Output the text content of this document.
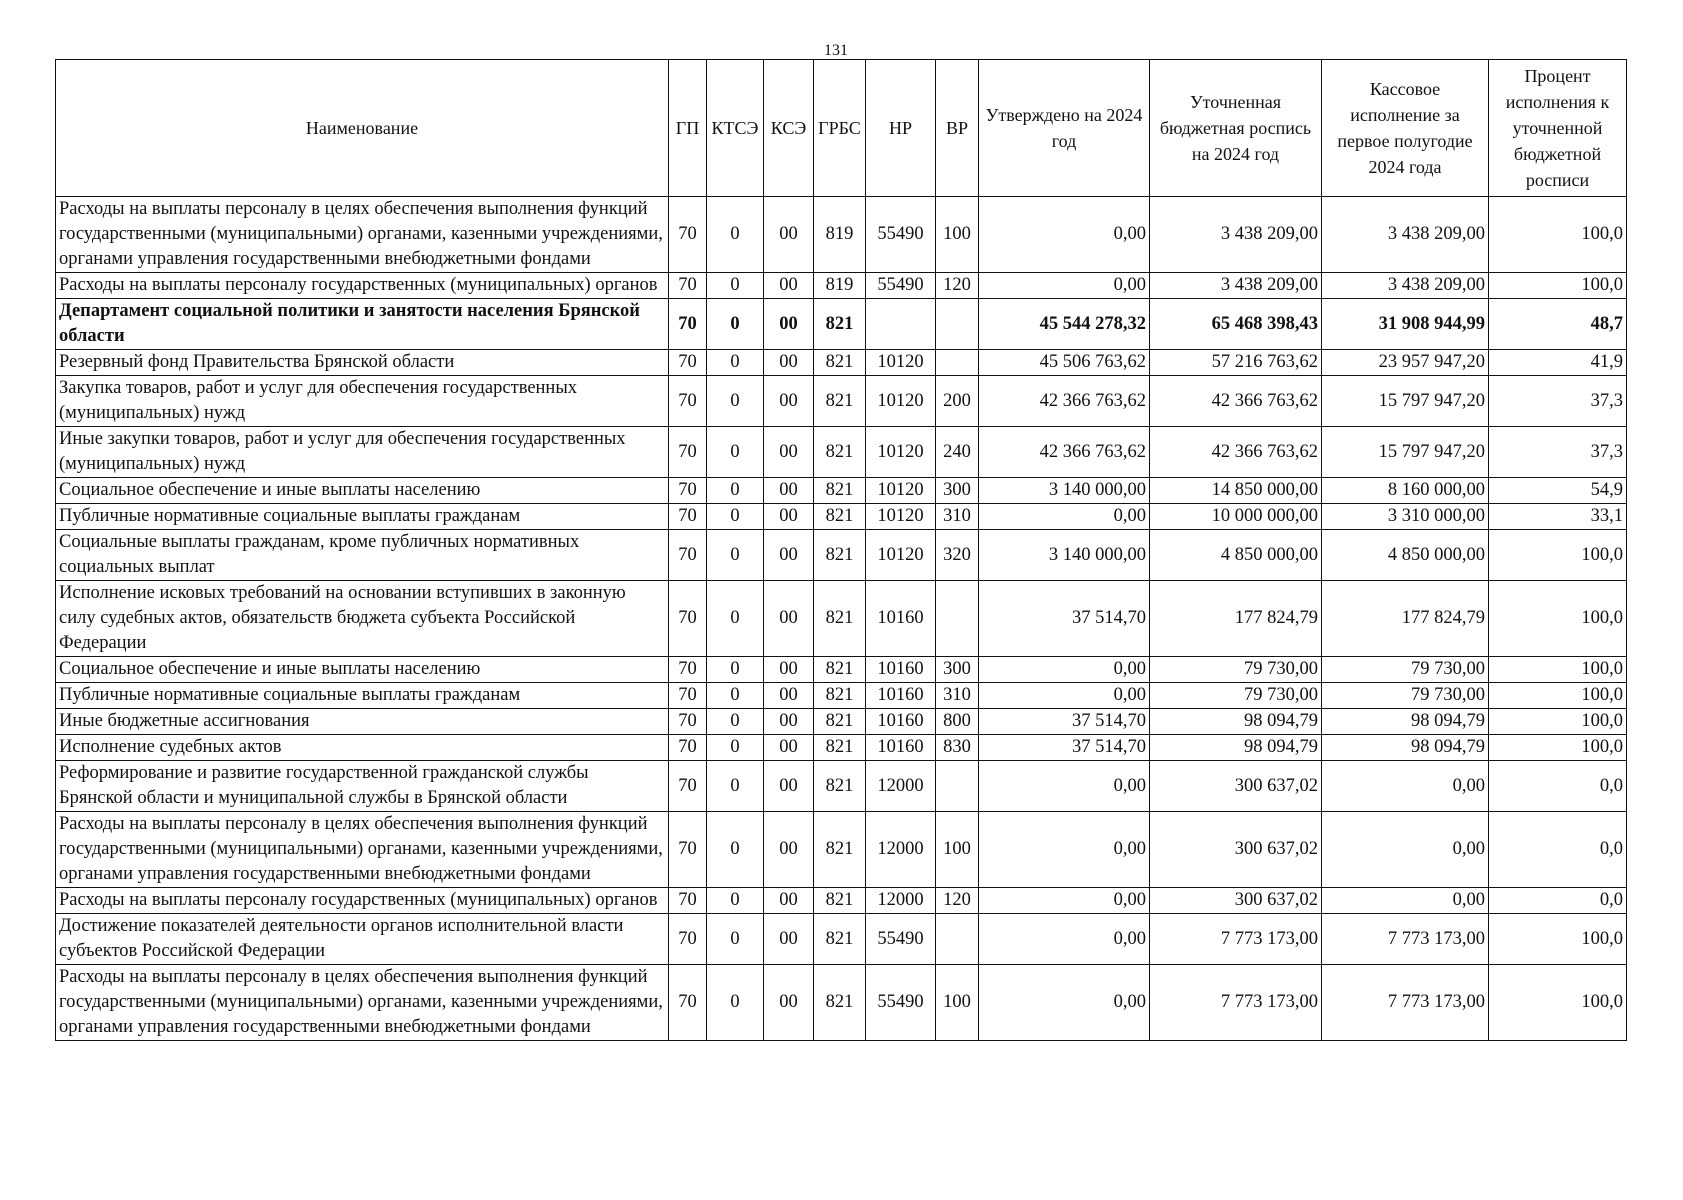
131
Наименование	ГП	КТСЭ	КСЭ	ГРБС	НР	ВР	Утверждено на 2024 год	Уточненная бюджетная роспись на 2024 год	Кассовое исполнение за первое полугодие 2024 года	Процент исполнения к уточненной бюджетной росписи
Расходы на выплаты персоналу в целях обеспечения выполнения функций государственными (муниципальными) органами, казенными учреждениями, органами управления государственными внебюджетными фондами	70	0	00	819	55490	100	0,00	3 438 209,00	3 438 209,00	100,0
Расходы на выплаты персоналу государственных (муниципальных) органов	70	0	00	819	55490	120	0,00	3 438 209,00	3 438 209,00	100,0
Департамент социальной политики и занятости населения Брянской области	70	0	00	821			45 544 278,32	65 468 398,43	31 908 944,99	48,7
Резервный фонд Правительства Брянской области	70	0	00	821	10120		45 506 763,62	57 216 763,62	23 957 947,20	41,9
Закупка товаров, работ и услуг для обеспечения государственных (муниципальных) нужд	70	0	00	821	10120	200	42 366 763,62	42 366 763,62	15 797 947,20	37,3
Иные закупки товаров, работ и услуг для обеспечения государственных (муниципальных) нужд	70	0	00	821	10120	240	42 366 763,62	42 366 763,62	15 797 947,20	37,3
Социальное обеспечение и иные выплаты населению	70	0	00	821	10120	300	3 140 000,00	14 850 000,00	8 160 000,00	54,9
Публичные нормативные социальные выплаты гражданам	70	0	00	821	10120	310	0,00	10 000 000,00	3 310 000,00	33,1
Социальные выплаты гражданам, кроме публичных нормативных социальных выплат	70	0	00	821	10120	320	3 140 000,00	4 850 000,00	4 850 000,00	100,0
Исполнение исковых требований на основании вступивших в законную силу судебных актов, обязательств бюджета субъекта Российской Федерации	70	0	00	821	10160		37 514,70	177 824,79	177 824,79	100,0
Социальное обеспечение и иные выплаты населению	70	0	00	821	10160	300	0,00	79 730,00	79 730,00	100,0
Публичные нормативные социальные выплаты гражданам	70	0	00	821	10160	310	0,00	79 730,00	79 730,00	100,0
Иные бюджетные ассигнования	70	0	00	821	10160	800	37 514,70	98 094,79	98 094,79	100,0
Исполнение судебных актов	70	0	00	821	10160	830	37 514,70	98 094,79	98 094,79	100,0
Реформирование и развитие государственной гражданской службы Брянской области и муниципальной службы в Брянской области	70	0	00	821	12000		0,00	300 637,02	0,00	0,0
Расходы на выплаты персоналу в целях обеспечения выполнения функций государственными (муниципальными) органами, казенными учреждениями, органами управления государственными внебюджетными фондами	70	0	00	821	12000	100	0,00	300 637,02	0,00	0,0
Расходы на выплаты персоналу государственных (муниципальных) органов	70	0	00	821	12000	120	0,00	300 637,02	0,00	0,0
Достижение показателей деятельности органов исполнительной власти субъектов Российской Федерации	70	0	00	821	55490		0,00	7 773 173,00	7 773 173,00	100,0
Расходы на выплаты персоналу в целях обеспечения выполнения функций государственными (муниципальными) органами, казенными учреждениями, органами управления государственными внебюджетными фондами	70	0	00	821	55490	100	0,00	7 773 173,00	7 773 173,00	100,0
